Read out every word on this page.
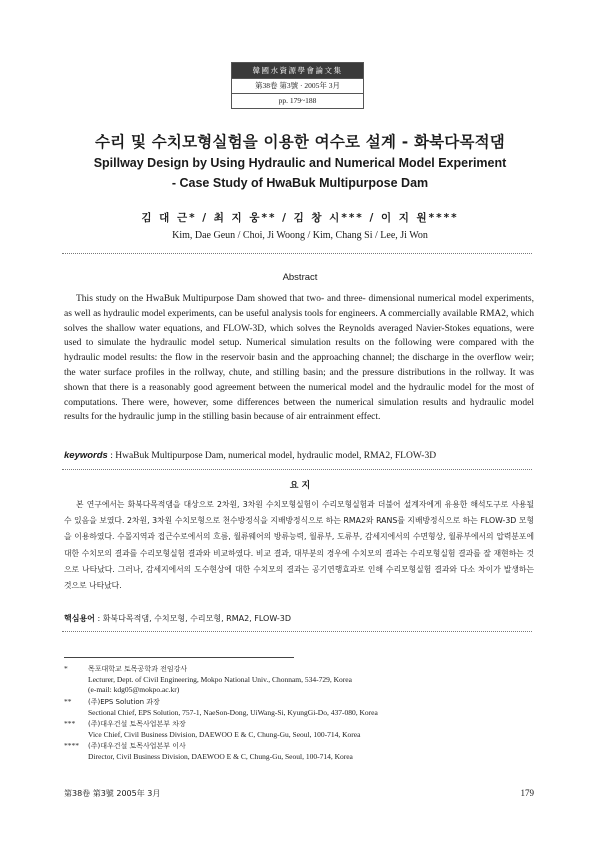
韓國水資源學會論文集
第38卷 第3號 · 2005年 3月
pp. 179~188
수리 및 수치모형실험을 이용한 여수로 설계 - 화북다목적댐
Spillway Design by Using Hydraulic and Numerical Model Experiment
- Case Study of HwaBuk Multipurpose Dam
김 대 근* / 최 지 웅** / 김 창 시*** / 이 지 원****
Kim, Dae Geun / Choi, Ji Woong / Kim, Chang Si / Lee, Ji Won
Abstract

This study on the HwaBuk Multipurpose Dam showed that two- and three- dimensional numerical model experiments, as well as hydraulic model experiments, can be useful analysis tools for engineers. A commercially available RMA2, which solves the shallow water equations, and FLOW-3D, which solves the Reynolds averaged Navier-Stokes equations, were used to simulate the hydraulic model setup. Numerical simulation results on the following were compared with the hydraulic model results: the flow in the reservoir basin and the approaching channel; the discharge in the overflow weir; the water surface profiles in the rollway, chute, and stilling basin; and the pressure distributions in the rollway. It was shown that there is a reasonably good agreement between the numerical model and the hydraulic model for the most of computations. There were, however, some differences between the numerical simulation results and hydraulic model results for the hydraulic jump in the stilling basin because of air entrainment effect.

keywords : HwaBuk Multipurpose Dam, numerical model, hydraulic model, RMA2, FLOW-3D
요 지

본 연구에서는 화북다목적댐을 대상으로 2차원, 3차원 수치모형실험이 수리모형실험과 더불어 설계자에게 유용한 해석도구로 사용될 수 있음을 보였다. 2차원, 3차원 수치모형으로 천수방정식을 지배방정식으로 하는 RMA2와 RANS를 지배방정식으로 하는 FLOW-3D 모형을 이용하였다. 수몰지역과 접근수로에서의 흐름, 월류웨어의 방류능력, 월류부, 도류부, 감세지에서의 수면형상, 월류부에서의 압력분포에 대한 수치모의 결과를 수리모형실험 결과와 비교하였다. 비교 결과, 대부분의 경우에 수치모의 결과는 수리모형실험 결과를 잘 재현하는 것으로 나타났다. 그러나, 감세지에서의 도수현상에 대한 수치모의 결과는 공기연행효과로 인해 수리모형실험 결과와 다소 차이가 발생하는 것으로 나타났다.

핵심용어 : 화북다목적댐, 수치모형, 수리모형, RMA2, FLOW-3D
*	목포대학교 토목공학과 전임강사
Lecturer, Dept. of Civil Engineering, Mokpo National Univ., Chonnam, 534-729, Korea
(e-mail: kdg05@mokpo.ac.kr)
**	(주)EPS Solution 과장
Sectional Chief, EPS Solution, 757-1, NaeSon-Dong, UiWang-Si, KyungGi-Do, 437-080, Korea
***	(주)대우건설 토목사업본부 차장
Vice Chief, Civil Business Division, DAEWOO E & C, Chung-Gu, Seoul, 100-714, Korea
****	(주)대우건설 토목사업본부 이사
Director, Civil Business Division, DAEWOO E & C, Chung-Gu, Seoul, 100-714, Korea
第38卷 第3號 2005年 3月	179
